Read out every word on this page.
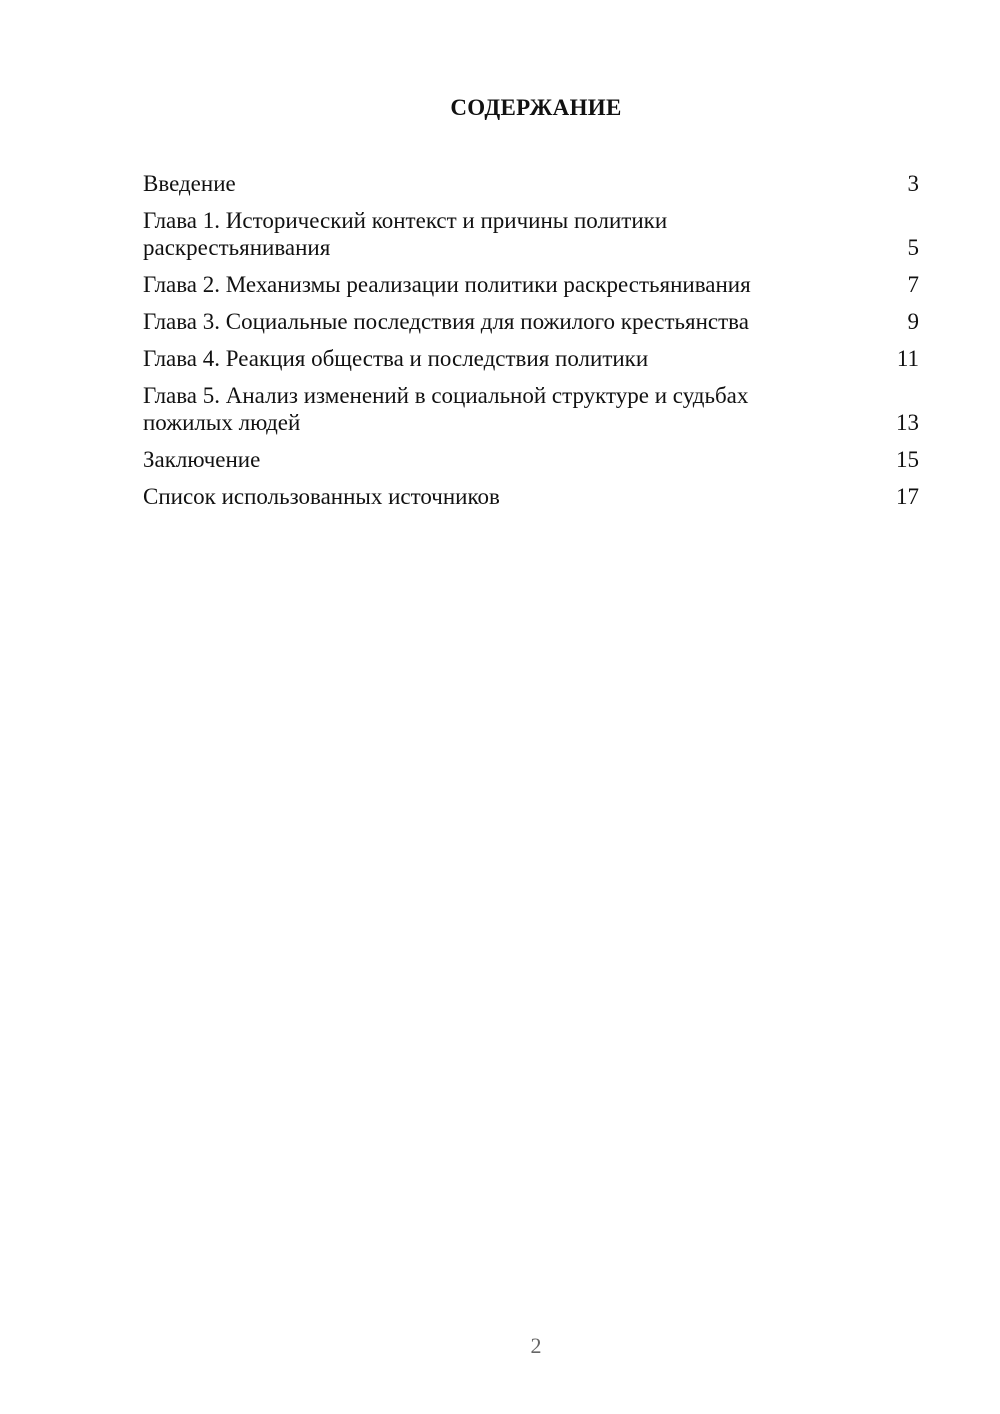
СОДЕРЖАНИЕ
Введение	3
Глава 1. Исторический контекст и причины политики раскрестьянивания	5
Глава 2. Механизмы реализации политики раскрестьянивания	7
Глава 3. Социальные последствия для пожилого крестьянства	9
Глава 4. Реакция общества и последствия политики	11
Глава 5. Анализ изменений в социальной структуре и судьбах пожилых людей	13
Заключение	15
Список использованных источников	17
2
